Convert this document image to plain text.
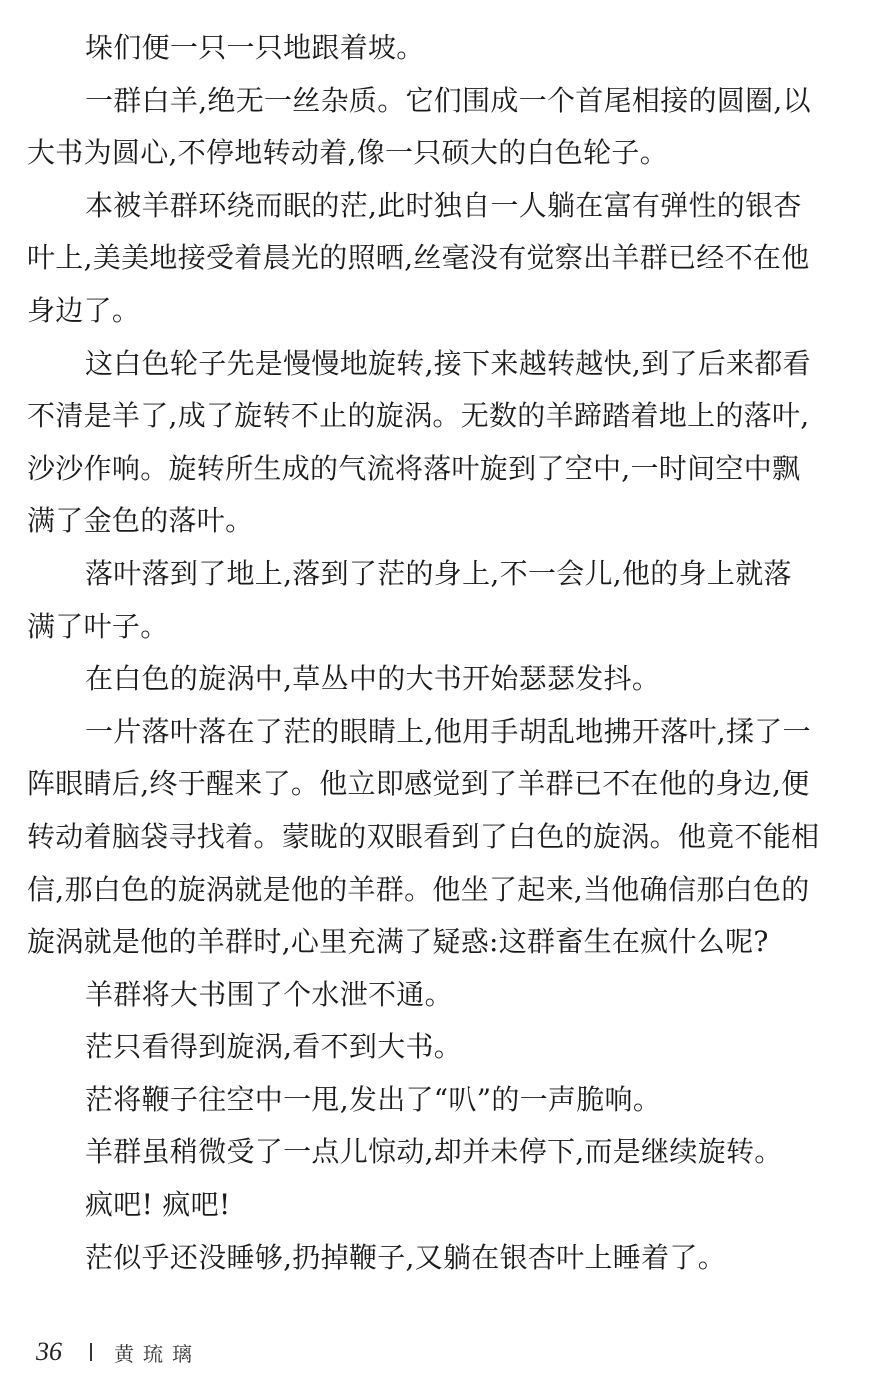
垛们便一只一只地跟着坡。
一群白羊,绝无一丝杂质。它们围成一个首尾相接的圆圈,以
大书为圆心,不停地转动着,像一只硕大的白色轮子。
本被羊群环绕而眠的茫,此时独自一人躺在富有弹性的银杏
叶上,美美地接受着晨光的照晒,丝毫没有觉察出羊群已经不在他
身边了。
这白色轮子先是慢慢地旋转,接下来越转越快,到了后来都看
不清是羊了,成了旋转不止的旋涡。无数的羊蹄踏着地上的落叶,
沙沙作响。旋转所生成的气流将落叶旋到了空中,一时间空中飘
满了金色的落叶。
落叶落到了地上,落到了茫的身上,不一会儿,他的身上就落
满了叶子。
在白色的旋涡中,草丛中的大书开始瑟瑟发抖。
一片落叶落在了茫的眼睛上,他用手胡乱地拂开落叶,揉了一
阵眼睛后,终于醒来了。他立即感觉到了羊群已不在他的身边,便
转动着脑袋寻找着。蒙眬的双眼看到了白色的旋涡。他竟不能相
信,那白色的旋涡就是他的羊群。他坐了起来,当他确信那白色的
旋涡就是他的羊群时,心里充满了疑惑:这群畜生在疯什么呢?
羊群将大书围了个水泄不通。
茫只看得到旋涡,看不到大书。
茫将鞭子往空中一甩,发出了“叭”的一声脆响。
羊群虽稍微受了一点儿惊动,却并未停下,而是继续旋转。
疯吧! 疯吧!
茫似乎还没睡够,扔掉鞭子,又躺在银杏叶上睡着了。
36	黄琉璃
